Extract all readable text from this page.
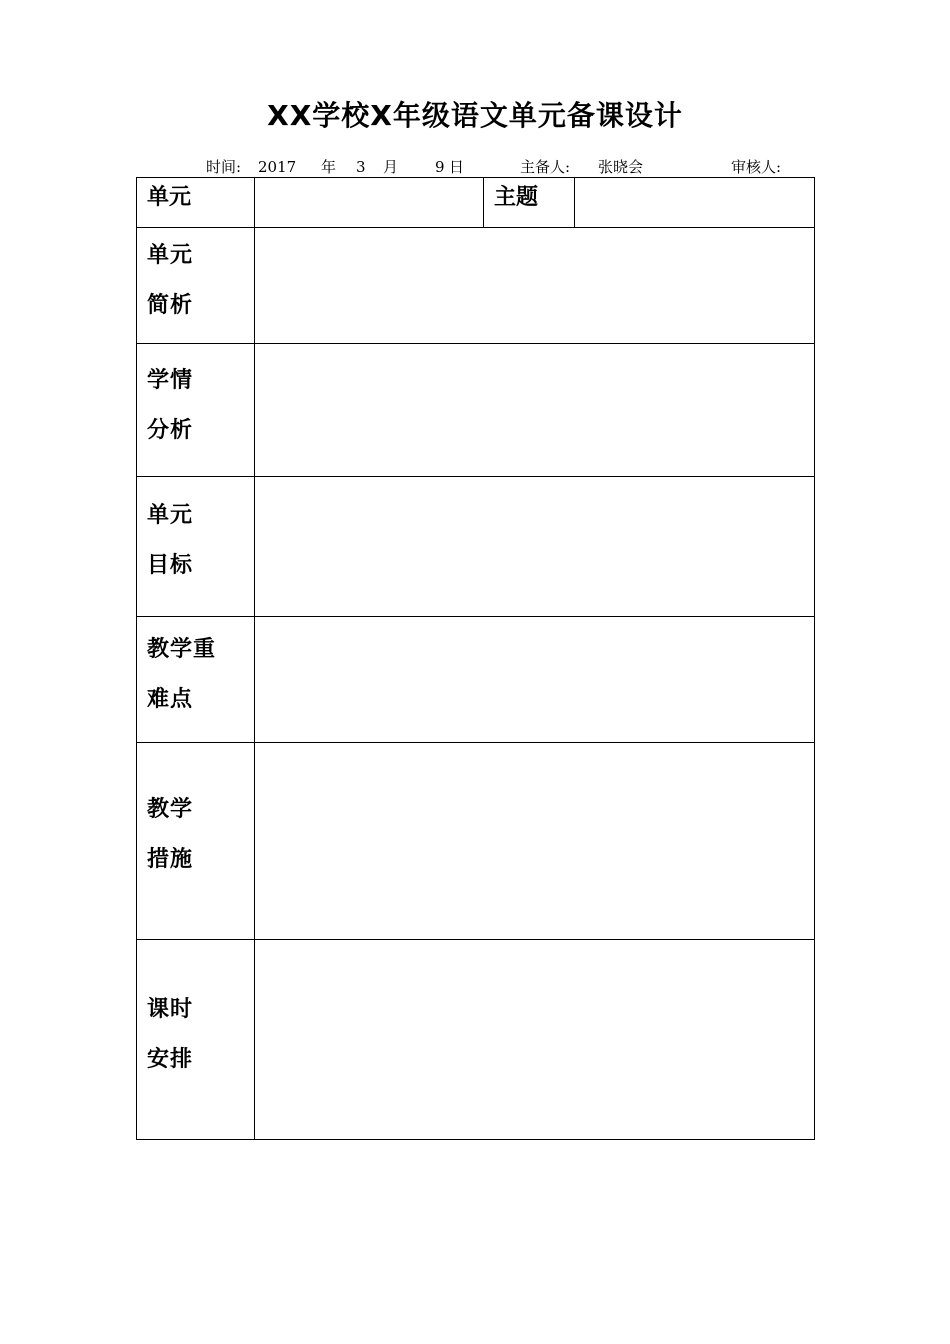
XX学校X年级语文单元备课设计
时间: 2017 年 3 月 9 日	主备人: 张晓会	审核人:
单元		主题	

单元
简析			

学情
分析			

单元
目标			

教学重
难点			

教学
措施			

课时
安排			
